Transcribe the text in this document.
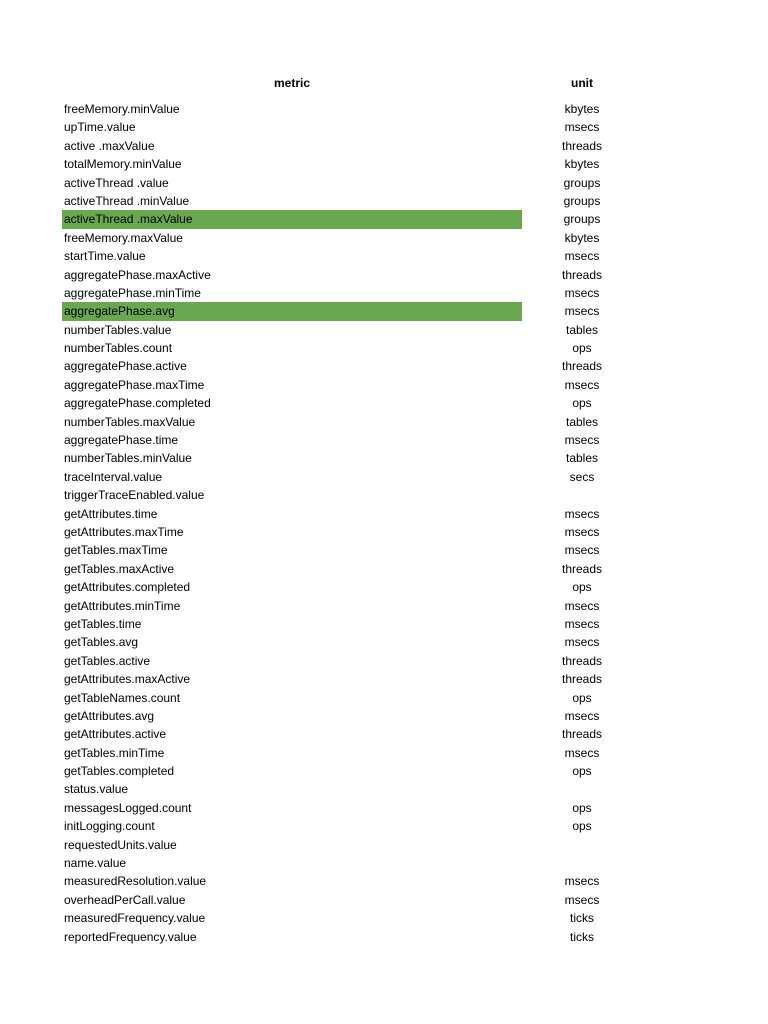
metric	unit
freeMemory.minValue	kbytes
upTime.value	msecs
active .maxValue	threads
totalMemory.minValue	kbytes
activeThread .value	groups
activeThread .minValue	groups
activeThread .maxValue	groups
freeMemory.maxValue	kbytes
startTime.value	msecs
aggregatePhase.maxActive	threads
aggregatePhase.minTime	msecs
aggregatePhase.avg	msecs
numberTables.value	tables
numberTables.count	ops
aggregatePhase.active	threads
aggregatePhase.maxTime	msecs
aggregatePhase.completed	ops
numberTables.maxValue	tables
aggregatePhase.time	msecs
numberTables.minValue	tables
traceInterval.value	secs
triggerTraceEnabled.value
getAttributes.time	msecs
getAttributes.maxTime	msecs
getTables.maxTime	msecs
getTables.maxActive	threads
getAttributes.completed	ops
getAttributes.minTime	msecs
getTables.time	msecs
getTables.avg	msecs
getTables.active	threads
getAttributes.maxActive	threads
getTableNames.count	ops
getAttributes.avg	msecs
getAttributes.active	threads
getTables.minTime	msecs
getTables.completed	ops
status.value
messagesLogged.count	ops
initLogging.count	ops
requestedUnits.value
name.value
measuredResolution.value	msecs
overheadPerCall.value	msecs
measuredFrequency.value	ticks
reportedFrequency.value	ticks
